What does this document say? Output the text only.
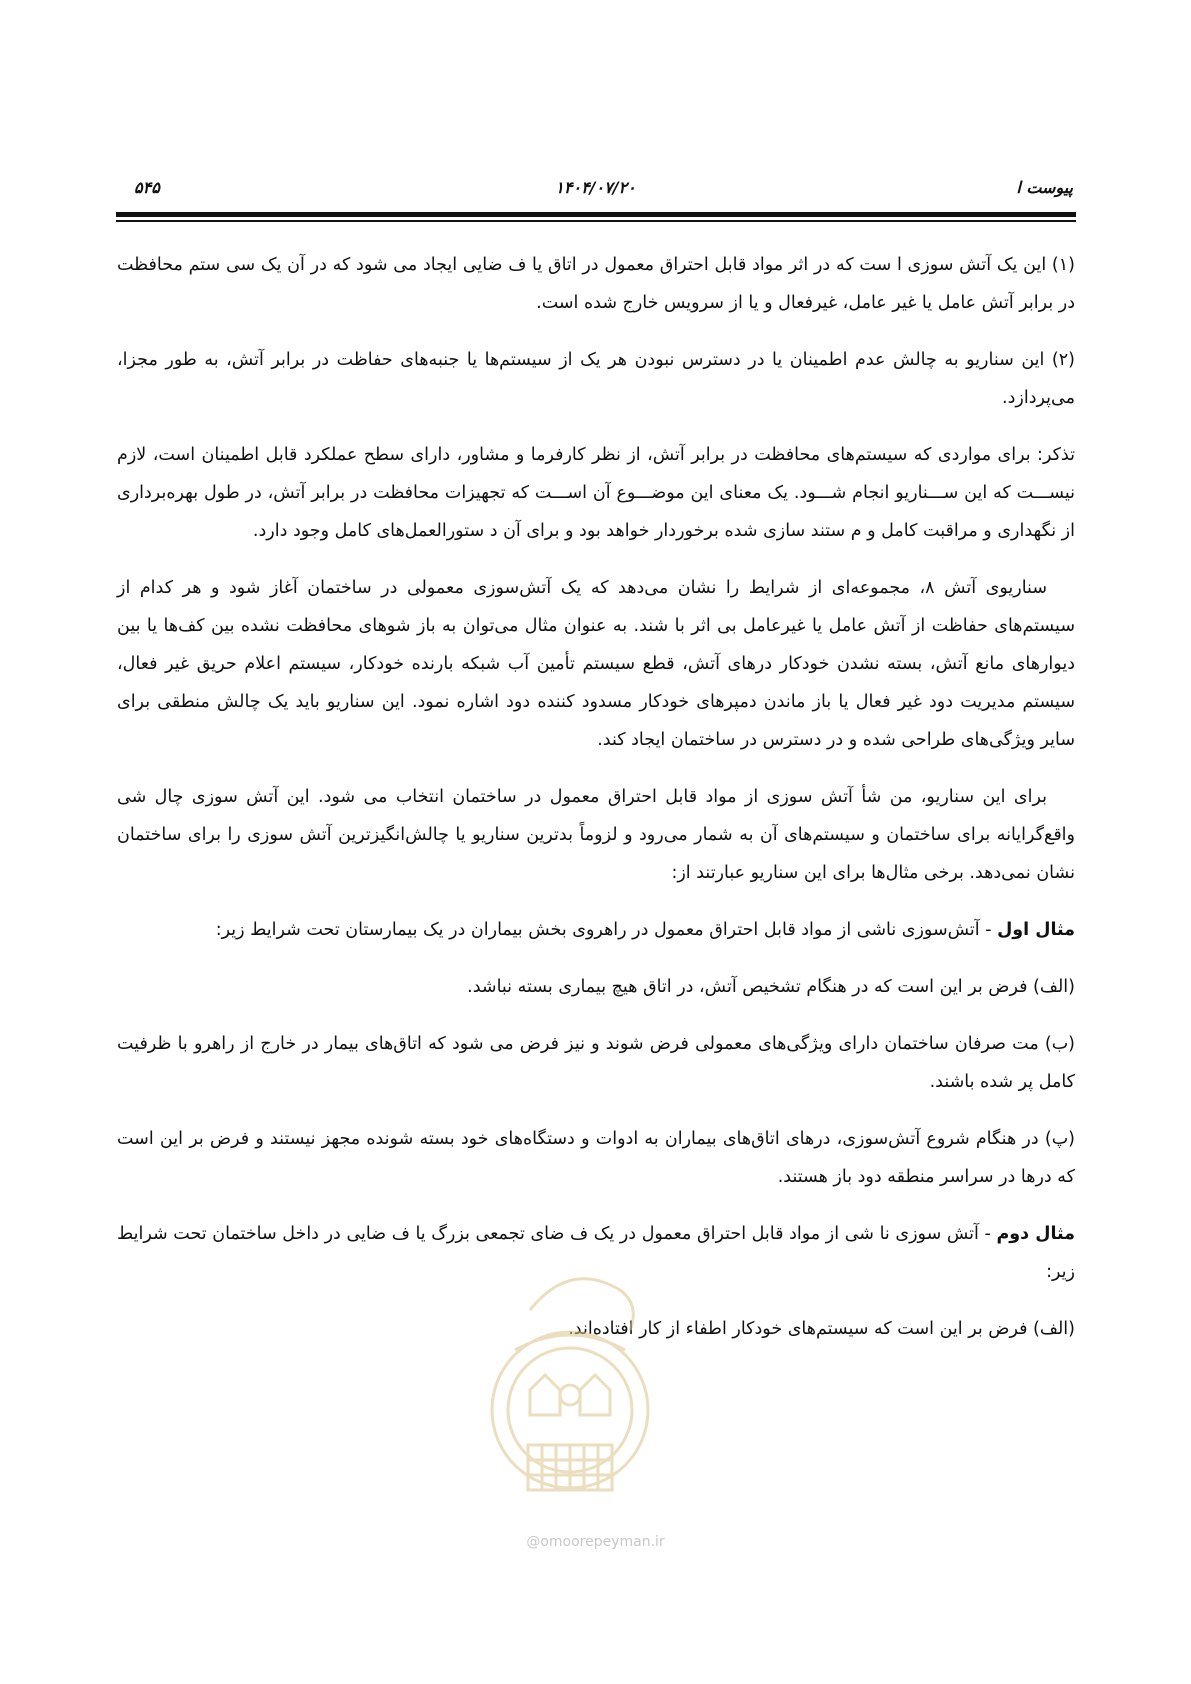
پیوست ا
۱۴۰۴/۰۷/۲۰
۵۴۵

(۱) این یک آتش سوزی ا ست که در اثر مواد قابل احتراق معمول در اتاق یا ف ضایی ایجاد می شود که در آن یک سی ستم محافظت در برابر آتش عامل یا غیر عامل، غیرفعال و یا از سرویس خارج شده است.

(۲) این سناریو به چالش عدم اطمینان یا در دسترس نبودن هر یک از سیستم‌ها یا جنبه‌های حفاظت در برابر آتش، به طور مجزا، می‌پردازد.

تذکر: برای مواردی که سیستم‌های محافظت در برابر آتش، از نظر کارفرما و مشاور، دارای سطح عملکرد قابل اطمینان است، لازم نیســـت که این ســـناریو انجام شـــود. یک معنای این موضـــوع آن اســـت که تجهیزات محافظت در برابر آتش، در طول بهره‌برداری از نگهداری و مراقبت کامل و م ستند سازی شده برخوردار خواهد بود و برای آن د ستورالعمل‌های کامل وجود دارد.

سناریوی آتش ۸، مجموعه‌ای از شرایط را نشان می‌دهد که یک آتش‌سوزی معمولی در ساختمان آغاز شود و هر کدام از سیستم‌های حفاظت از آتش عامل یا غیرعامل بی اثر با شند. به عنوان مثال می‌توان به باز شوهای محافظت نشده بین کف‌ها یا بین دیوارهای مانع آتش، بسته نشدن خودکار درهای آتش، قطع سیستم تأمین آب شبکه بارنده خودکار، سیستم اعلام حریق غیر فعال، سیستم مدیریت دود غیر فعال یا باز ماندن دمپرهای خودکار مسدود کننده دود اشاره نمود. این سناریو باید یک چالش منطقی برای سایر ویژگی‌های طراحی شده و در دسترس در ساختمان ایجاد کند.

برای این سناریو، من شأ آتش سوزی از مواد قابل احتراق معمول در ساختمان انتخاب می شود. این آتش سوزی چال شی واقع‌گرایانه برای ساختمان و سیستم‌های آن به شمار می‌رود و لزوماً بدترین سناریو یا چالش‌انگیزترین آتش سوزی را برای ساختمان نشان نمی‌دهد. برخی مثال‌ها برای این سناریو عبارتند از:

مثال اول - آتش‌سوزی ناشی از مواد قابل احتراق معمول در راهروی بخش بیماران در یک بیمارستان تحت شرایط زیر:

(الف) فرض بر این است که در هنگام تشخیص آتش، در اتاق هیچ بیماری بسته نباشد.

(ب) مت صرفان ساختمان دارای ویژگی‌های معمولی فرض شوند و نیز فرض می شود که اتاق‌های بیمار در خارج از راهرو با ظرفیت کامل پر شده باشند.

(پ) در هنگام شروع آتش‌سوزی، درهای اتاق‌های بیماران به ادوات و دستگاه‌های خود بسته شونده مجهز نیستند و فرض بر این است که درها در سراسر منطقه دود باز هستند.

مثال دوم - آتش سوزی نا شی از مواد قابل احتراق معمول در یک ف ضای تجمعی بزرگ یا ف ضایی در داخل ساختمان تحت شرایط زیر:

(الف) فرض بر این است که سیستم‌های خودکار اطفاء از کار افتاده‌اند.

@omoorepeyman.ir
